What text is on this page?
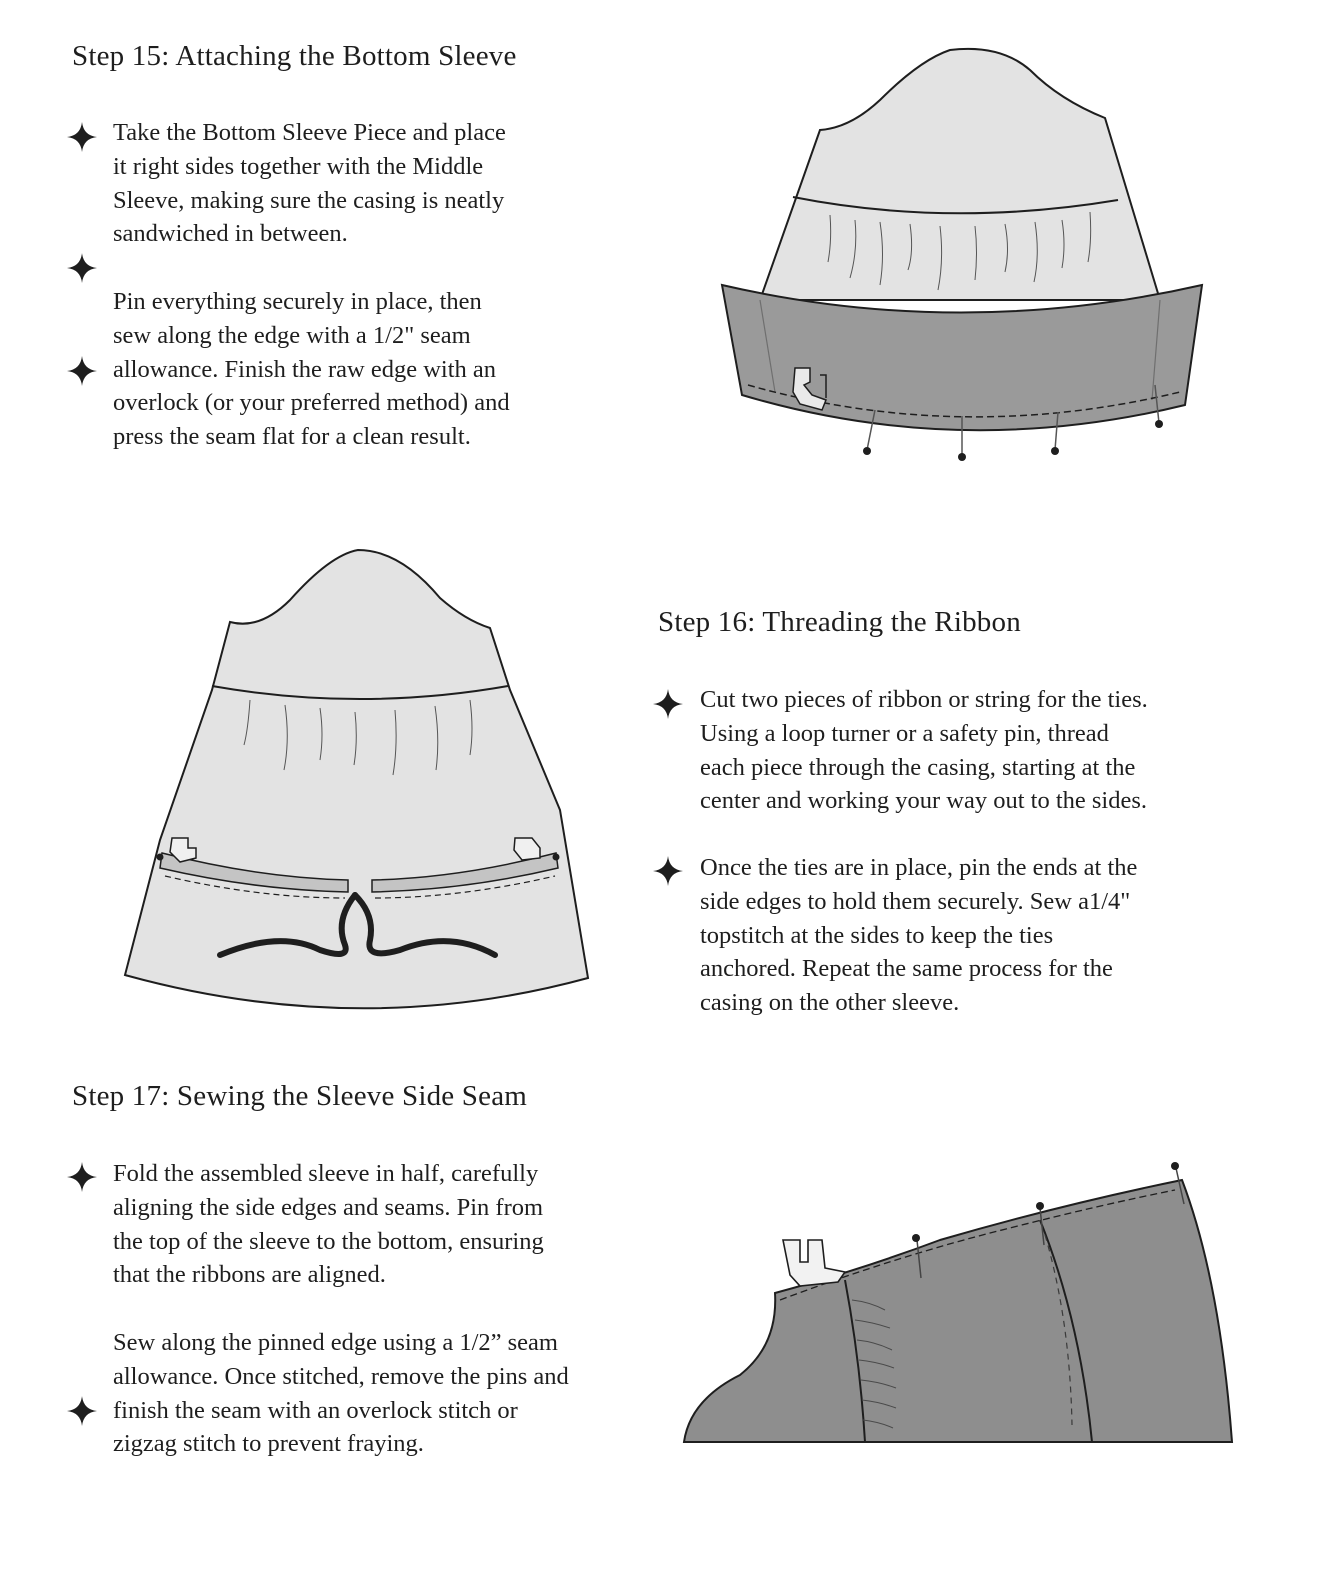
Step 15: Attaching the Bottom Sleeve

Take the Bottom Sleeve Piece and place
it right sides together with the Middle
Sleeve, making sure the casing is neatly
sandwiched in between.

Pin everything securely in place, then
sew along the edge with a 1/2" seam
allowance. Finish the raw edge with an
overlock (or your preferred method) and
press the seam flat for a clean result.

Step 16: Threading the Ribbon

Cut two pieces of ribbon or string for the ties.
Using a loop turner or a safety pin, thread
each piece through the casing, starting at the
center and working your way out to the sides.

Once the ties are in place, pin the ends at the
side edges to hold them securely. Sew a1/4"
topstitch at the sides to keep the ties
anchored. Repeat the same process for the
casing on the other sleeve.

Step 17: Sewing the Sleeve Side Seam

Fold the assembled sleeve in half, carefully
aligning the side edges and seams. Pin from
the top of the sleeve to the bottom, ensuring
that the ribbons are aligned.

Sew along the pinned edge using a 1/2” seam
allowance. Once stitched, remove the pins and
finish the seam with an overlock stitch or
zigzag stitch to prevent fraying.
